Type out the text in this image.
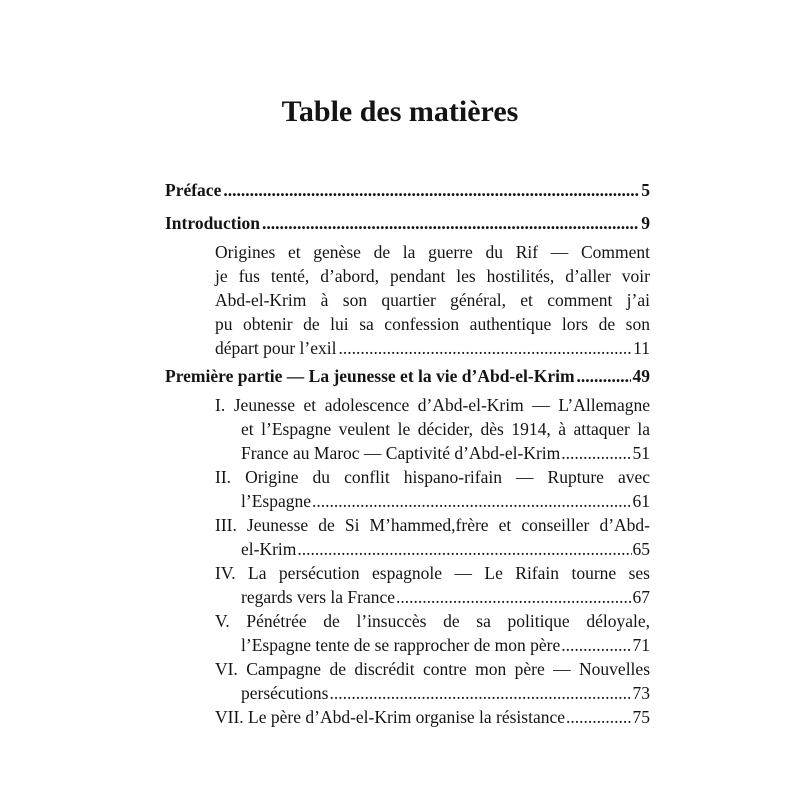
Table des matières
Préface .....	5
Introduction .....	9
Origines et genèse de la guerre du Rif — Comment
je fus tenté, d’abord, pendant les hostilités, d’aller voir
Abd-el-Krim à son quartier général, et comment j’ai
pu obtenir de lui sa confession authentique lors de son
départ pour l’exil .....	11
Première partie — La jeunesse et la vie d’Abd-el-Krim .....	49
I. Jeunesse et adolescence d’Abd-el-Krim — L’Allemagne
et l’Espagne veulent le décider, dès 1914, à attaquer la
France au Maroc — Captivité d’Abd-el-Krim .....	51
II. Origine du conflit hispano-rifain — Rupture avec
l’Espagne .....	61
III. Jeunesse de Si M’hammed,frère et conseiller d’Abd-
el-Krim .....	65
IV. La persécution espagnole — Le Rifain tourne ses
regards vers la France .....	67
V. Pénétrée de l’insuccès de sa politique déloyale,
l’Espagne tente de se rapprocher de mon père .....	71
VI. Campagne de discrédit contre mon père — Nouvelles
persécutions .....	73
VII. Le père d’Abd-el-Krim organise la résistance .....	75
